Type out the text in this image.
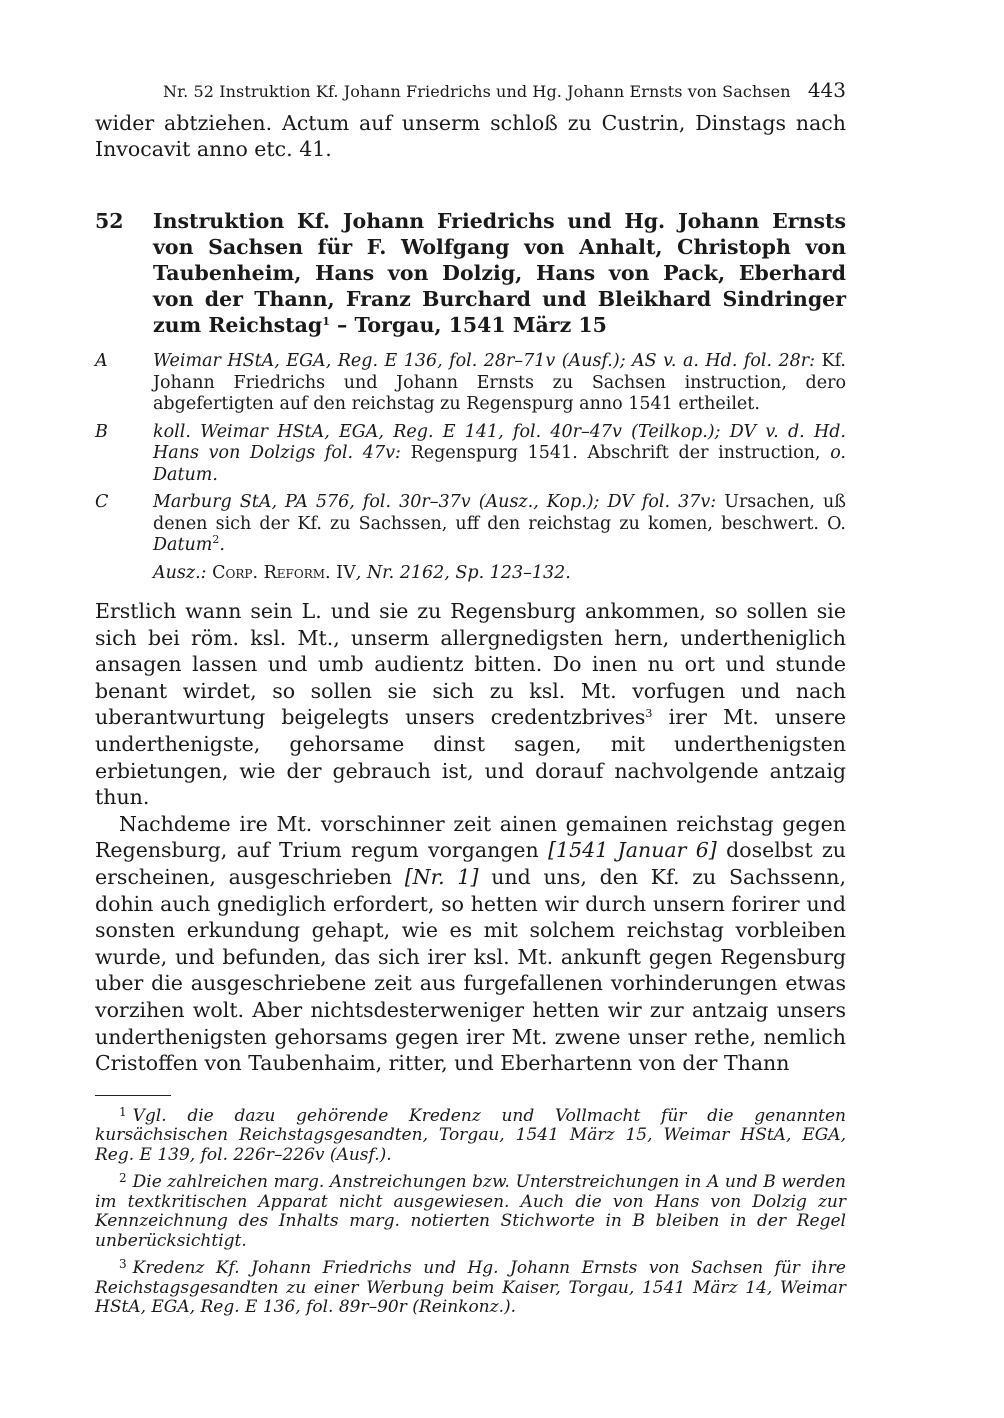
Nr. 52 Instruktion Kf. Johann Friedrichs und Hg. Johann Ernsts von Sachsen 443

wider abtziehen. Actum auf unserm schloß zu Custrin, Dinstags nach Invocavit anno etc. 41.

52	Instruktion Kf. Johann Friedrichs und Hg. Johann Ernsts von Sachsen für F. Wolfgang von Anhalt, Christoph von Taubenheim, Hans von Dolzig, Hans von Pack, Eberhard von der Thann, Franz Burchard und Bleikhard Sindringer zum Reichstag$^1$ – Torgau, 1541 März 15
A	Weimar HStA, EGA, Reg. E 136, fol. 28r–71v (Ausf.); AS v. a. Hd. fol. 28r: Kf. Johann Friedrichs und Johann Ernsts zu Sachsen instruction, dero abgefertigten auf den reichstag zu Regenspurg anno 1541 ertheilet.
B	koll. Weimar HStA, EGA, Reg. E 141, fol. 40r–47v (Teilkop.); DV v. d. Hd. Hans von Dolzigs fol. 47v: Regenspurg 1541. Abschrift der instruction, o. Datum.
C	Marburg StA, PA 576, fol. 30r–37v (Ausz., Kop.); DV fol. 37v: Ursachen, uß denen sich der Kf. zu Sachssen, uff den reichstag zu komen, beschwert. O. Datum$^2$.
Ausz.: Corp. Reform. IV, Nr. 2162, Sp. 123–132.

Erstlich wann sein L. und sie zu Regensburg ankommen, so sollen sie sich bei röm. ksl. Mt., unserm allergnedigsten hern, undertheniglich ansagen lassen und umb audientz bitten. Do inen nu ort und stunde benant wirdet, so sollen sie sich zu ksl. Mt. vorfugen und nach uberantwurtung beigelegts unsers credentzbrives$^3$ irer Mt. unsere underthenigste, gehorsame dinst sagen, mit underthenigsten erbietungen, wie der gebrauch ist, und dorauf nachvolgende antzaig thun.

Nachdeme ire Mt. vorschinner zeit ainen gemainen reichstag gegen Regensburg, auf Trium regum vorgangen [1541 Januar 6] doselbst zu erscheinen, ausgeschrieben [Nr. 1] und uns, den Kf. zu Sachssenn, dohin auch gnediglich erfordert, so hetten wir durch unsern forirer und sonsten erkundung gehapt, wie es mit solchem reichstag vorbleiben wurde, und befunden, das sich irer ksl. Mt. ankunft gegen Regensburg uber die ausgeschriebene zeit aus furgefallenen vorhinderungen etwas vorzihen wolt. Aber nichtsdesterweniger hetten wir zur antzaig unsers underthenigsten gehorsams gegen irer Mt. zwene unser rethe, nemlich Cristoffen von Taubenhaim, ritter, und Eberhartenn von der Thann

$^1$ Vgl. die dazu gehörende Kredenz und Vollmacht für die genannten kursächsischen Reichstagsgesandten, Torgau, 1541 März 15, Weimar HStA, EGA, Reg. E 139, fol. 226r–226v (Ausf.).
$^2$ Die zahlreichen marg. Anstreichungen bzw. Unterstreichungen in A und B werden im textkritischen Apparat nicht ausgewiesen. Auch die von Hans von Dolzig zur Kennzeichnung des Inhalts marg. notierten Stichworte in B bleiben in der Regel unberücksichtigt.
$^3$ Kredenz Kf. Johann Friedrichs und Hg. Johann Ernsts von Sachsen für ihre Reichstagsgesandten zu einer Werbung beim Kaiser, Torgau, 1541 März 14, Weimar HStA, EGA, Reg. E 136, fol. 89r–90r (Reinkonz.).
